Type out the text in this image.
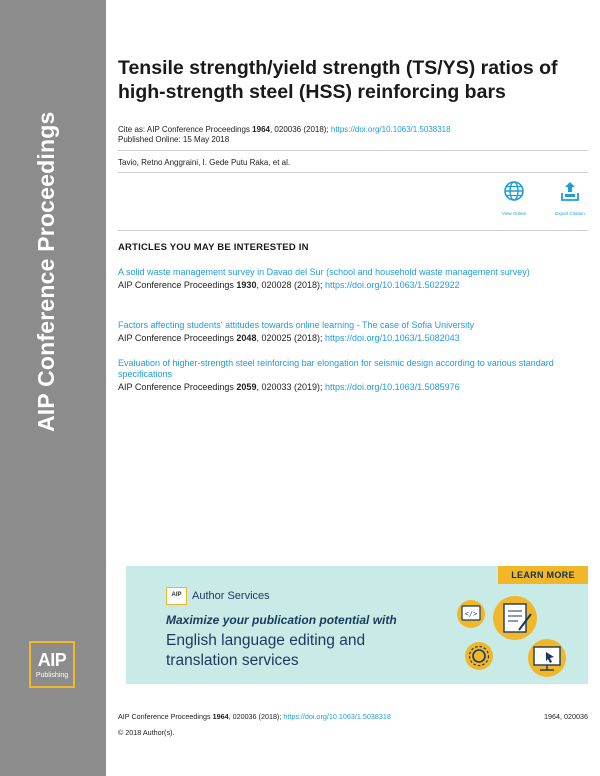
AIP Conference Proceedings
AIP
Publishing
Tensile strength/yield strength (TS/YS) ratios of high-strength steel (HSS) reinforcing bars
Cite as: AIP Conference Proceedings 1964, 020036 (2018); https://doi.org/10.1063/1.5038318
Published Online: 15 May 2018
Tavio, Retno Anggraini, I. Gede Putu Raka, et al.
View Online	Export Citation
ARTICLES YOU MAY BE INTERESTED IN
A solid waste management survey in Davao del Sur (school and household waste management survey)
AIP Conference Proceedings 1930, 020028 (2018); https://doi.org/10.1063/1.5022922
Factors affecting students' attitudes towards online learning - The case of Sofia University
AIP Conference Proceedings 2048, 020025 (2018); https://doi.org/10.1063/1.5082043
Evaluation of higher-strength steel reinforcing bar elongation for seismic design according to various standard specifications
AIP Conference Proceedings 2059, 020033 (2019); https://doi.org/10.1063/1.5085976
LEARN MORE
AIP Author Services
Maximize your publication potential with
English language editing and
translation services
</>
AIP Conference Proceedings 1964, 020036 (2018); https://doi.org/10.1063/1.5038318	1964, 020036
© 2018 Author(s).
